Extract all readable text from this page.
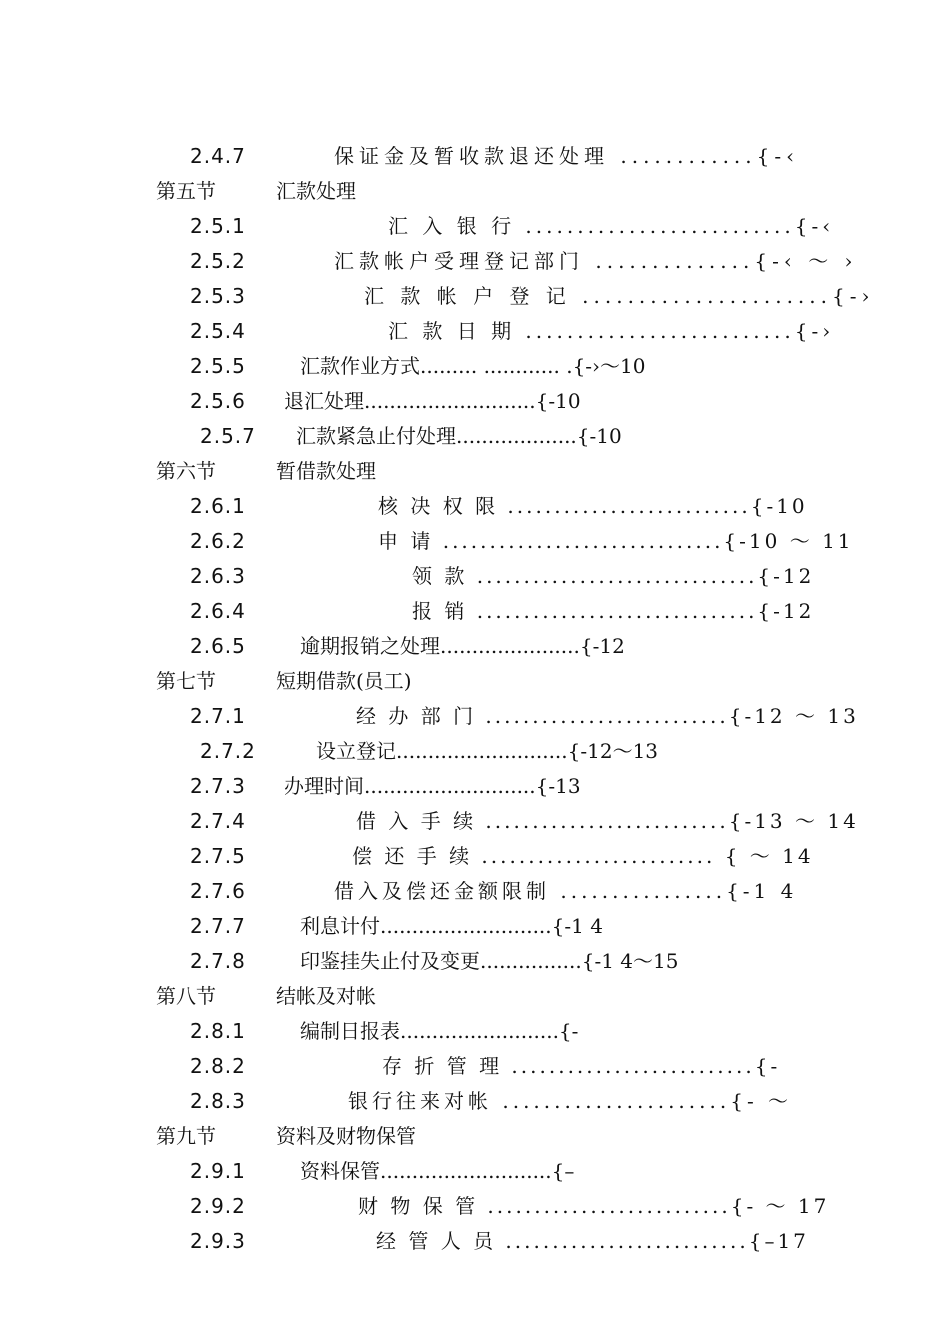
2.4.7	保证金及暂收款退还处理 ............{-‹
第五节	汇款处理
2.5.1	汇 入 银 行 ..........................{-‹
2.5.2	汇款帐户受理登记部门 ..............{-‹ ～ ›
2.5.3	汇 款 帐 户 登 记 ......................{-›
2.5.4	汇 款 日 期 ..........................{-›
2.5.5	汇款作业方式......... ............ .{-›～10
2.5.6 退汇处理...........................{-10
2.5.7 汇款紧急止付处理...................{-10
第六节	暂借款处理
2.6.1	核 决 权 限 ..........................{-10
2.6.2	申 请 ..............................{-10 ～ 11
2.6.3	领 款 ..............................{-12
2.6.4	报 销 ..............................{-12
2.6.5	逾期报销之处理......................{-12
第七节	短期借款(员工)
2.7.1	经 办 部 门 ..........................{-12 ～ 13
2.7.2	设立登记...........................{-12～13
2.7.3 办理时间...........................{-13
2.7.4	借 入 手 续 ..........................{-13 ～ 14
2.7.5	偿 还 手 续 ......................... { ～ 14
2.7.6	借入及偿还金额限制 ................{-1 4
2.7.7	利息计付...........................{-1 4
2.7.8	印鉴挂失止付及变更................{-1 4～15
第八节	结帐及对帐
2.8.1	编制日报表.........................{-
2.8.2	存 折 管 理 ..........................{-
2.8.3	银行往来对帐 ......................{- ～
第九节	资料及财物保管
2.9.1	资料保管...........................{–
2.9.2	财 物 保 管 ..........................{- ～ 17
2.9.3	经 管 人 员 ..........................{–17
